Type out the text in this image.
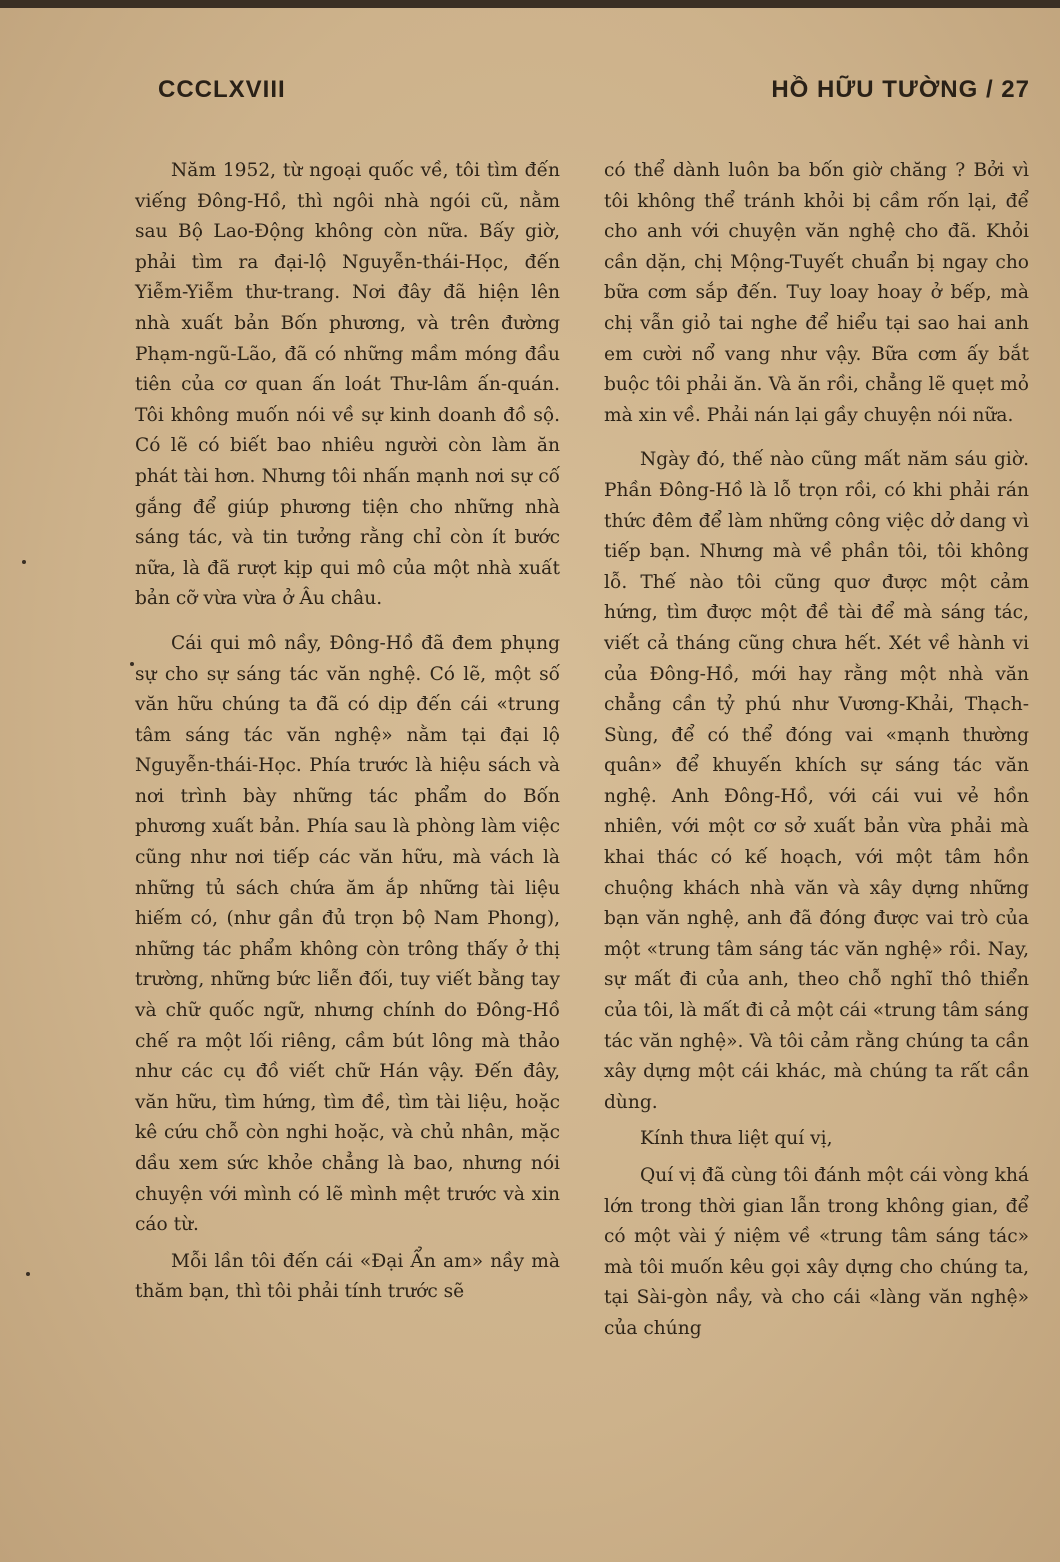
CCCLXVIII	HỒ HỮU TƯỜNG / 27

Năm 1952, từ ngoại quốc về, tôi tìm đến viếng Đông-Hồ, thì ngôi nhà ngói cũ, nằm sau Bộ Lao-Động không còn nữa. Bấy giờ, phải tìm ra đại-lộ Nguyễn-thái-Học, đến Yiễm-Yiễm thư-trang. Nơi đây đã hiện lên nhà xuất bản Bốn phương, và trên đường Phạm-ngũ-Lão, đã có những mầm móng đầu tiên của cơ quan ấn loát Thư-lâm ấn-quán. Tôi không muốn nói về sự kinh doanh đồ sộ. Có lẽ có biết bao nhiêu người còn làm ăn phát tài hơn. Nhưng tôi nhấn mạnh nơi sự cố gắng để giúp phương tiện cho những nhà sáng tác, và tin tưởng rằng chỉ còn ít bước nữa, là đã rượt kịp qui mô của một nhà xuất bản cỡ vừa vừa ở Âu châu.

Cái qui mô nầy, Đông-Hồ đã đem phụng sự cho sự sáng tác văn nghệ. Có lẽ, một số văn hữu chúng ta đã có dịp đến cái «trung tâm sáng tác văn nghệ» nằm tại đại lộ Nguyễn-thái-Học. Phía trước là hiệu sách và nơi trình bày những tác phẩm do Bốn phương xuất bản. Phía sau là phòng làm việc cũng như nơi tiếp các văn hữu, mà vách là những tủ sách chứa ăm ắp những tài liệu hiếm có, (như gần đủ trọn bộ Nam Phong), những tác phẩm không còn trông thấy ở thị trường, những bức liễn đối, tuy viết bằng tay và chữ quốc ngữ, nhưng chính do Đông-Hồ chế ra một lối riêng, cầm bút lông mà thảo như các cụ đồ viết chữ Hán vậy. Đến đây, văn hữu, tìm hứng, tìm đề, tìm tài liệu, hoặc kê cứu chỗ còn nghi hoặc, và chủ nhân, mặc dầu xem sức khỏe chẳng là bao, nhưng nói chuyện với mình có lẽ mình mệt trước và xin cáo từ.

Mỗi lần tôi đến cái «Đại Ẩn am» nầy mà thăm bạn, thì tôi phải tính trước sẽ

có thể dành luôn ba bốn giờ chăng ? Bởi vì tôi không thể tránh khỏi bị cầm rốn lại, để cho anh với chuyện văn nghệ cho đã. Khỏi cần dặn, chị Mộng-Tuyết chuẩn bị ngay cho bữa cơm sắp đến. Tuy loay hoay ở bếp, mà chị vẫn giỏ tai nghe để hiểu tại sao hai anh em cười nổ vang như vậy. Bữa cơm ấy bắt buộc tôi phải ăn. Và ăn rồi, chẳng lẽ quẹt mỏ mà xin về. Phải nán lại gầy chuyện nói nữa.

Ngày đó, thế nào cũng mất năm sáu giờ. Phần Đông-Hồ là lỗ trọn rồi, có khi phải rán thức đêm để làm những công việc dở dang vì tiếp bạn. Nhưng mà về phần tôi, tôi không lỗ. Thế nào tôi cũng quơ được một cảm hứng, tìm được một đề tài để mà sáng tác, viết cả tháng cũng chưa hết. Xét về hành vi của Đông-Hồ, mới hay rằng một nhà văn chẳng cần tỷ phú như Vương-Khải, Thạch-Sùng, để có thể đóng vai «mạnh thường quân» để khuyến khích sự sáng tác văn nghệ. Anh Đông-Hồ, với cái vui vẻ hồn nhiên, với một cơ sở xuất bản vừa phải mà khai thác có kế hoạch, với một tâm hồn chuộng khách nhà văn và xây dựng những bạn văn nghệ, anh đã đóng được vai trò của một «trung tâm sáng tác văn nghệ» rồi. Nay, sự mất đi của anh, theo chỗ nghĩ thô thiển của tôi, là mất đi cả một cái «trung tâm sáng tác văn nghệ». Và tôi cảm rằng chúng ta cần xây dựng một cái khác, mà chúng ta rất cần dùng.

Kính thưa liệt quí vị,

Quí vị đã cùng tôi đánh một cái vòng khá lớn trong thời gian lẫn trong không gian, để có một vài ý niệm về «trung tâm sáng tác» mà tôi muốn kêu gọi xây dựng cho chúng ta, tại Sài-gòn nầy, và cho cái «làng văn nghệ» của chúng
